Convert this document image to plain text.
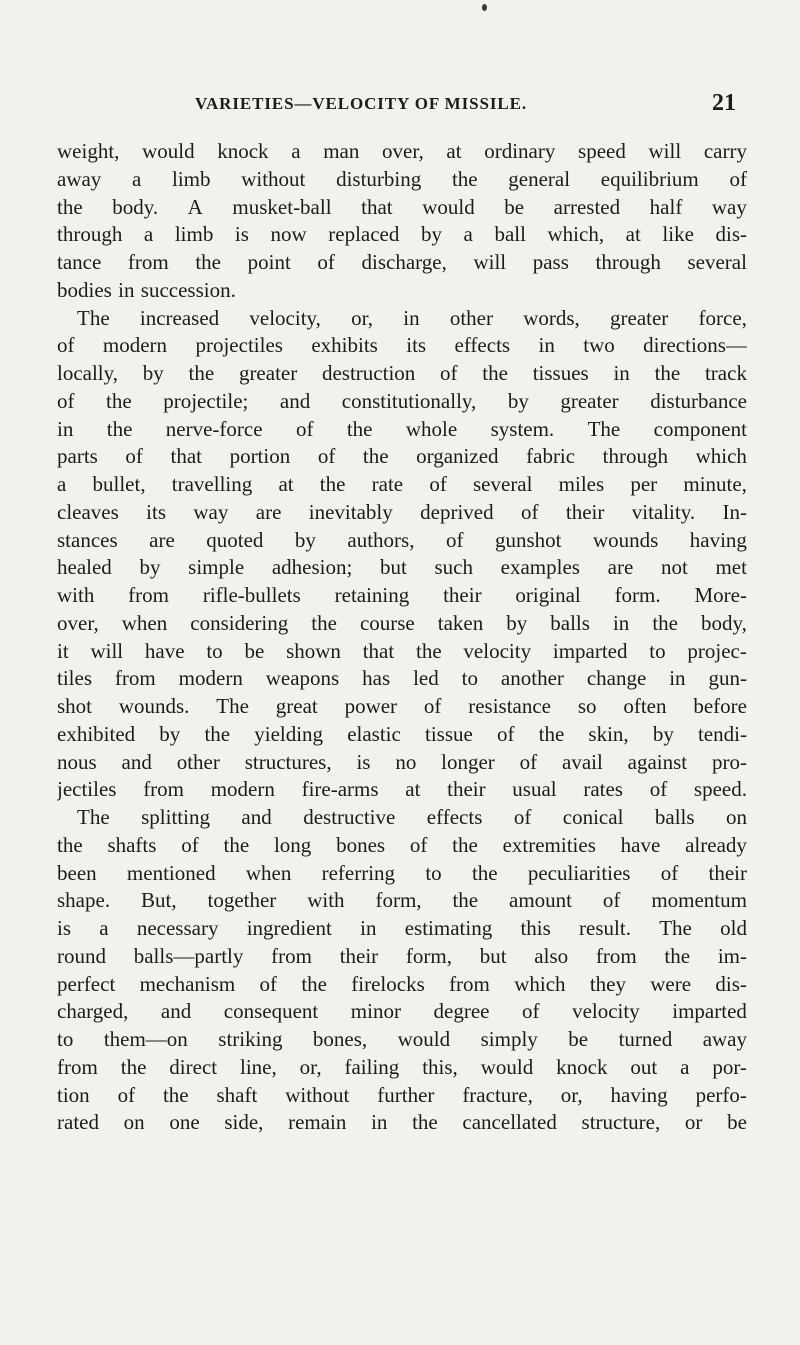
VARIETIES—VELOCITY OF MISSILE.	21
weight, would knock a man over, at ordinary speed will carry
away a limb without disturbing the general equilibrium of
the body. A musket-ball that would be arrested half way
through a limb is now replaced by a ball which, at like dis-
tance from the point of discharge, will pass through several
bodies in succession.
The increased velocity, or, in other words, greater force,
of modern projectiles exhibits its effects in two directions—
locally, by the greater destruction of the tissues in the track
of the projectile; and constitutionally, by greater disturbance
in the nerve-force of the whole system. The component
parts of that portion of the organized fabric through which
a bullet, travelling at the rate of several miles per minute,
cleaves its way are inevitably deprived of their vitality. In-
stances are quoted by authors, of gunshot wounds having
healed by simple adhesion; but such examples are not met
with from rifle-bullets retaining their original form. More-
over, when considering the course taken by balls in the body,
it will have to be shown that the velocity imparted to projec-
tiles from modern weapons has led to another change in gun-
shot wounds. The great power of resistance so often before
exhibited by the yielding elastic tissue of the skin, by tendi-
nous and other structures, is no longer of avail against pro-
jectiles from modern fire-arms at their usual rates of speed.
The splitting and destructive effects of conical balls on
the shafts of the long bones of the extremities have already
been mentioned when referring to the peculiarities of their
shape. But, together with form, the amount of momentum
is a necessary ingredient in estimating this result. The old
round balls—partly from their form, but also from the im-
perfect mechanism of the firelocks from which they were dis-
charged, and consequent minor degree of velocity imparted
to them—on striking bones, would simply be turned away
from the direct line, or, failing this, would knock out a por-
tion of the shaft without further fracture, or, having perfo-
rated on one side, remain in the cancellated structure, or be
